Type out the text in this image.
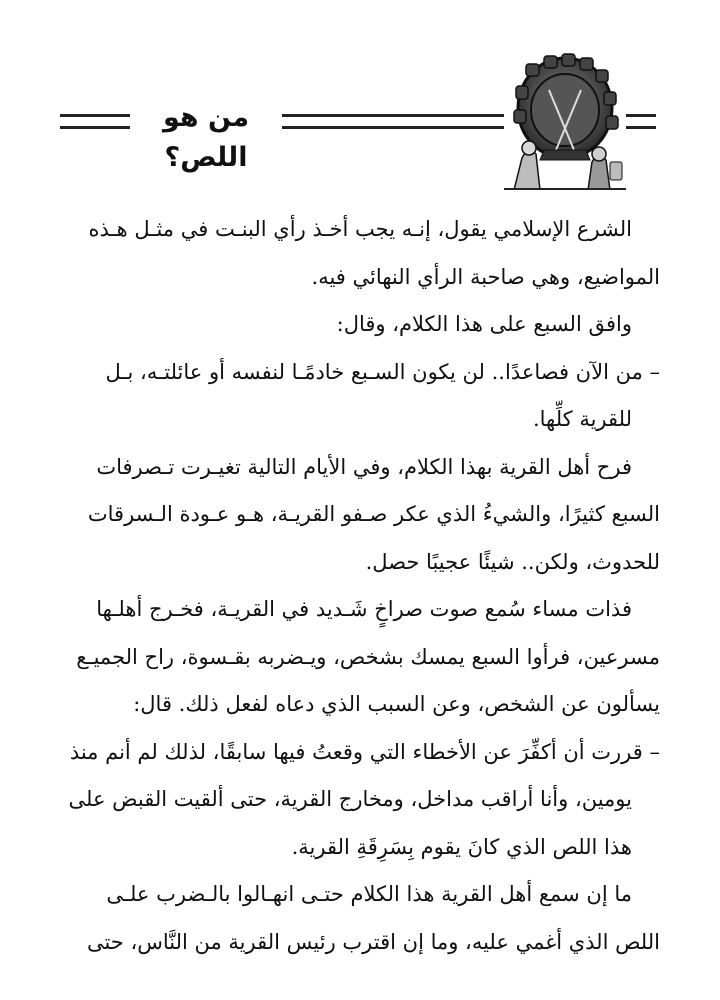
من هو اللص؟

الشرع الإسلامي يقول، إنـه يجب أخـذ رأي البنـت في مثـل هـذه
المواضيع، وهي صاحبة الرأي النهائي فيه.

وافق السبع على هذا الكلام، وقال:

– من الآن فصاعدًا.. لن يكون السـبع خادمًـا لنفسه أو عائلتـه، بـل
للقرية كلِّها.

فرح أهل القرية بهذا الكلام، وفي الأيام التالية تغيـرت تـصرفات
السبع كثيرًا، والشيءُ الذي عكر صـفو القريـة، هـو عـودة الـسرقات
للحدوث، ولكن.. شيئًا عجيبًا حصل.

فذات مساء سُمع صوت صراخٍ شَـديد في القريـة، فخـرج أهلـها
مسرعين، فرأوا السبع يمسك بشخص، ويـضربه بقـسوة، راح الجميـع
يسألون عن الشخص، وعن السبب الذي دعاه لفعل ذلك. قال:

– قررت أن أكفِّرَ عن الأخطاء التي وقعتُ فيها سابقًا، لذلك لم أنم منذ
يومين، وأنا أراقب مداخل، ومخارج القرية، حتى ألقيت القبض على
هذا اللص الذي كانَ يقوم بِسَرِقَةِ القرية.

ما إن سمع أهل القرية هذا الكلام حتـى انهـالوا بالـضرب علـى
اللص الذي أغمي عليه، وما إن اقترب رئيس القرية من النَّاس، حتى
